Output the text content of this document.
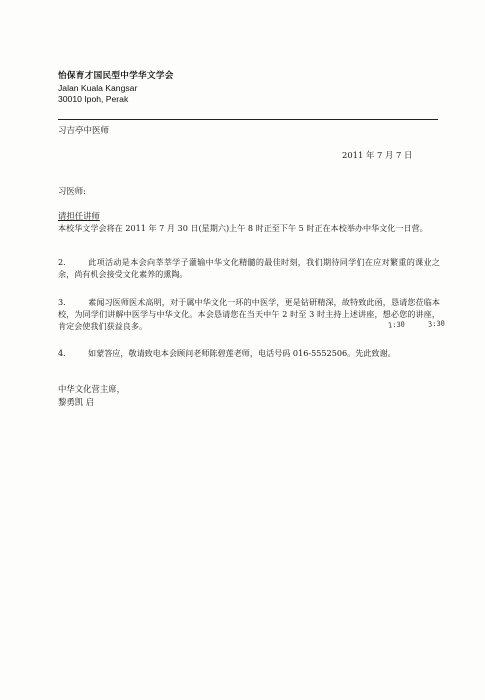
怡保育才国民型中学华文学会
Jalan Kuala Kangsar
30010 Ipoh, Perak
习吉亭中医师
2011 年 7 月 7 日
习医师:
请担任讲师
本校华文学会将在 2011 年 7 月 30 日(星期六)上午 8 时正至下午 5 时正在本校举办中华文化一日营。
2.	此项活动是本会向莘莘学子灌输中华文化精髓的最佳时刻，我们期待同学们在应对繁重的课业之余，尚有机会接受文化素养的熏陶。
3.	素闻习医师医术高明，对于属中华文化一环的中医学，更是钻研精深，故特致此函，恳请您莅临本校，为同学们讲解中医学与中华文化。本会恳请您在当天中午 2 时至 3 时主持上述讲座，想必您的讲座，肯定会使我们获益良多。	1:30	3:30
4.	如蒙答应，敬请致电本会顾问老师陈碧莲老师，电话号码 016-5552506。先此致谢。
中华文化营主席，
黎勇凯 启
